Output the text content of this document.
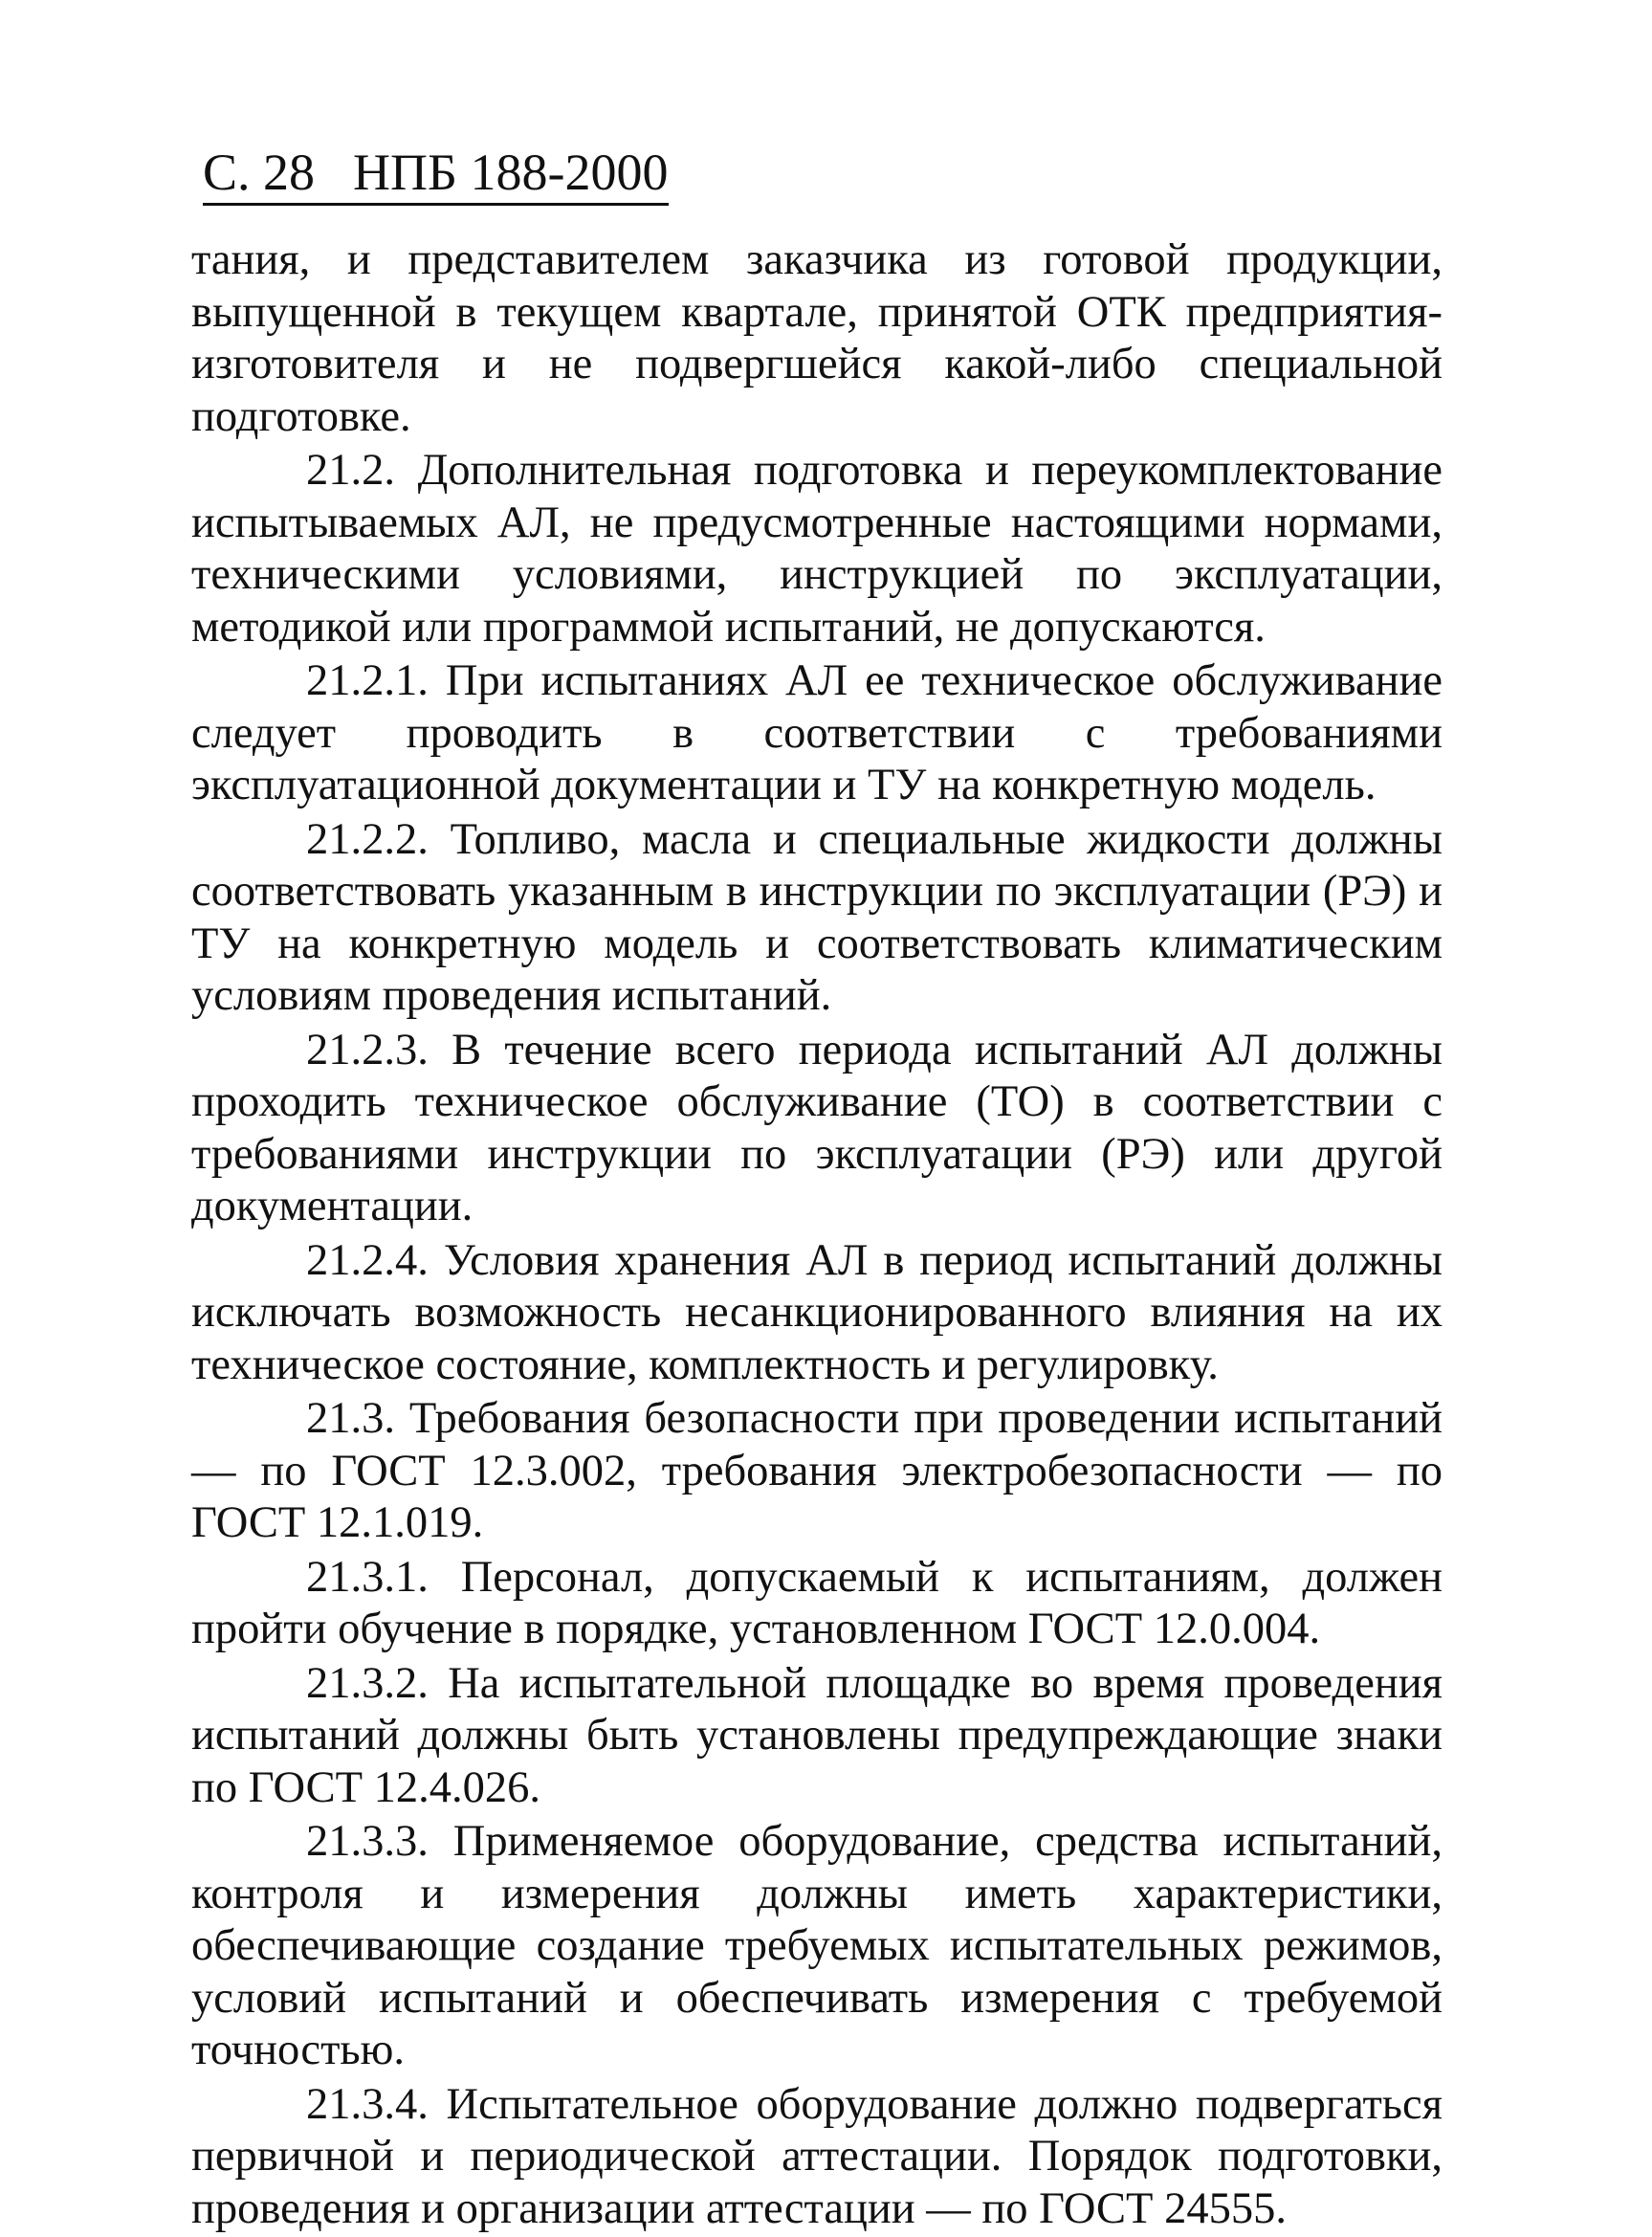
С. 28 НПБ 188-2000

тания, и представителем заказчика из готовой продукции, выпущенной в текущем квартале, принятой ОТК предприятия-изготовителя и не подвергшейся какой-либо специальной подготовке.

21.2. Дополнительная подготовка и переукомплектование испытываемых АЛ, не предусмотренные настоящими нормами, техническими условиями, инструкцией по эксплуатации, методикой или программой испытаний, не допускаются.

21.2.1. При испытаниях АЛ ее техническое обслуживание следует проводить в соответствии с требованиями эксплуатационной документации и ТУ на конкретную модель.

21.2.2. Топливо, масла и специальные жидкости должны соответствовать указанным в инструкции по эксплуатации (РЭ) и ТУ на конкретную модель и соответствовать климатическим условиям проведения испытаний.

21.2.3. В течение всего периода испытаний АЛ должны проходить техническое обслуживание (ТО) в соответствии с требованиями инструкции по эксплуатации (РЭ) или другой документации.

21.2.4. Условия хранения АЛ в период испытаний должны исключать возможность несанкционированного влияния на их техническое состояние, комплектность и регулировку.

21.3. Требования безопасности при проведении испытаний — по ГОСТ 12.3.002, требования электробезопасности — по ГОСТ 12.1.019.

21.3.1. Персонал, допускаемый к испытаниям, должен пройти обучение в порядке, установленном ГОСТ 12.0.004.

21.3.2. На испытательной площадке во время проведения испытаний должны быть установлены предупреждающие знаки по ГОСТ 12.4.026.

21.3.3. Применяемое оборудование, средства испытаний, контроля и измерения должны иметь характеристики, обеспечивающие создание требуемых испытательных режимов, условий испытаний и обеспечивать измерения с требуемой точностью.

21.3.4. Испытательное оборудование должно подвергаться первичной и периодической аттестации. Порядок подготовки, проведения и организации аттестации — по ГОСТ 24555.
